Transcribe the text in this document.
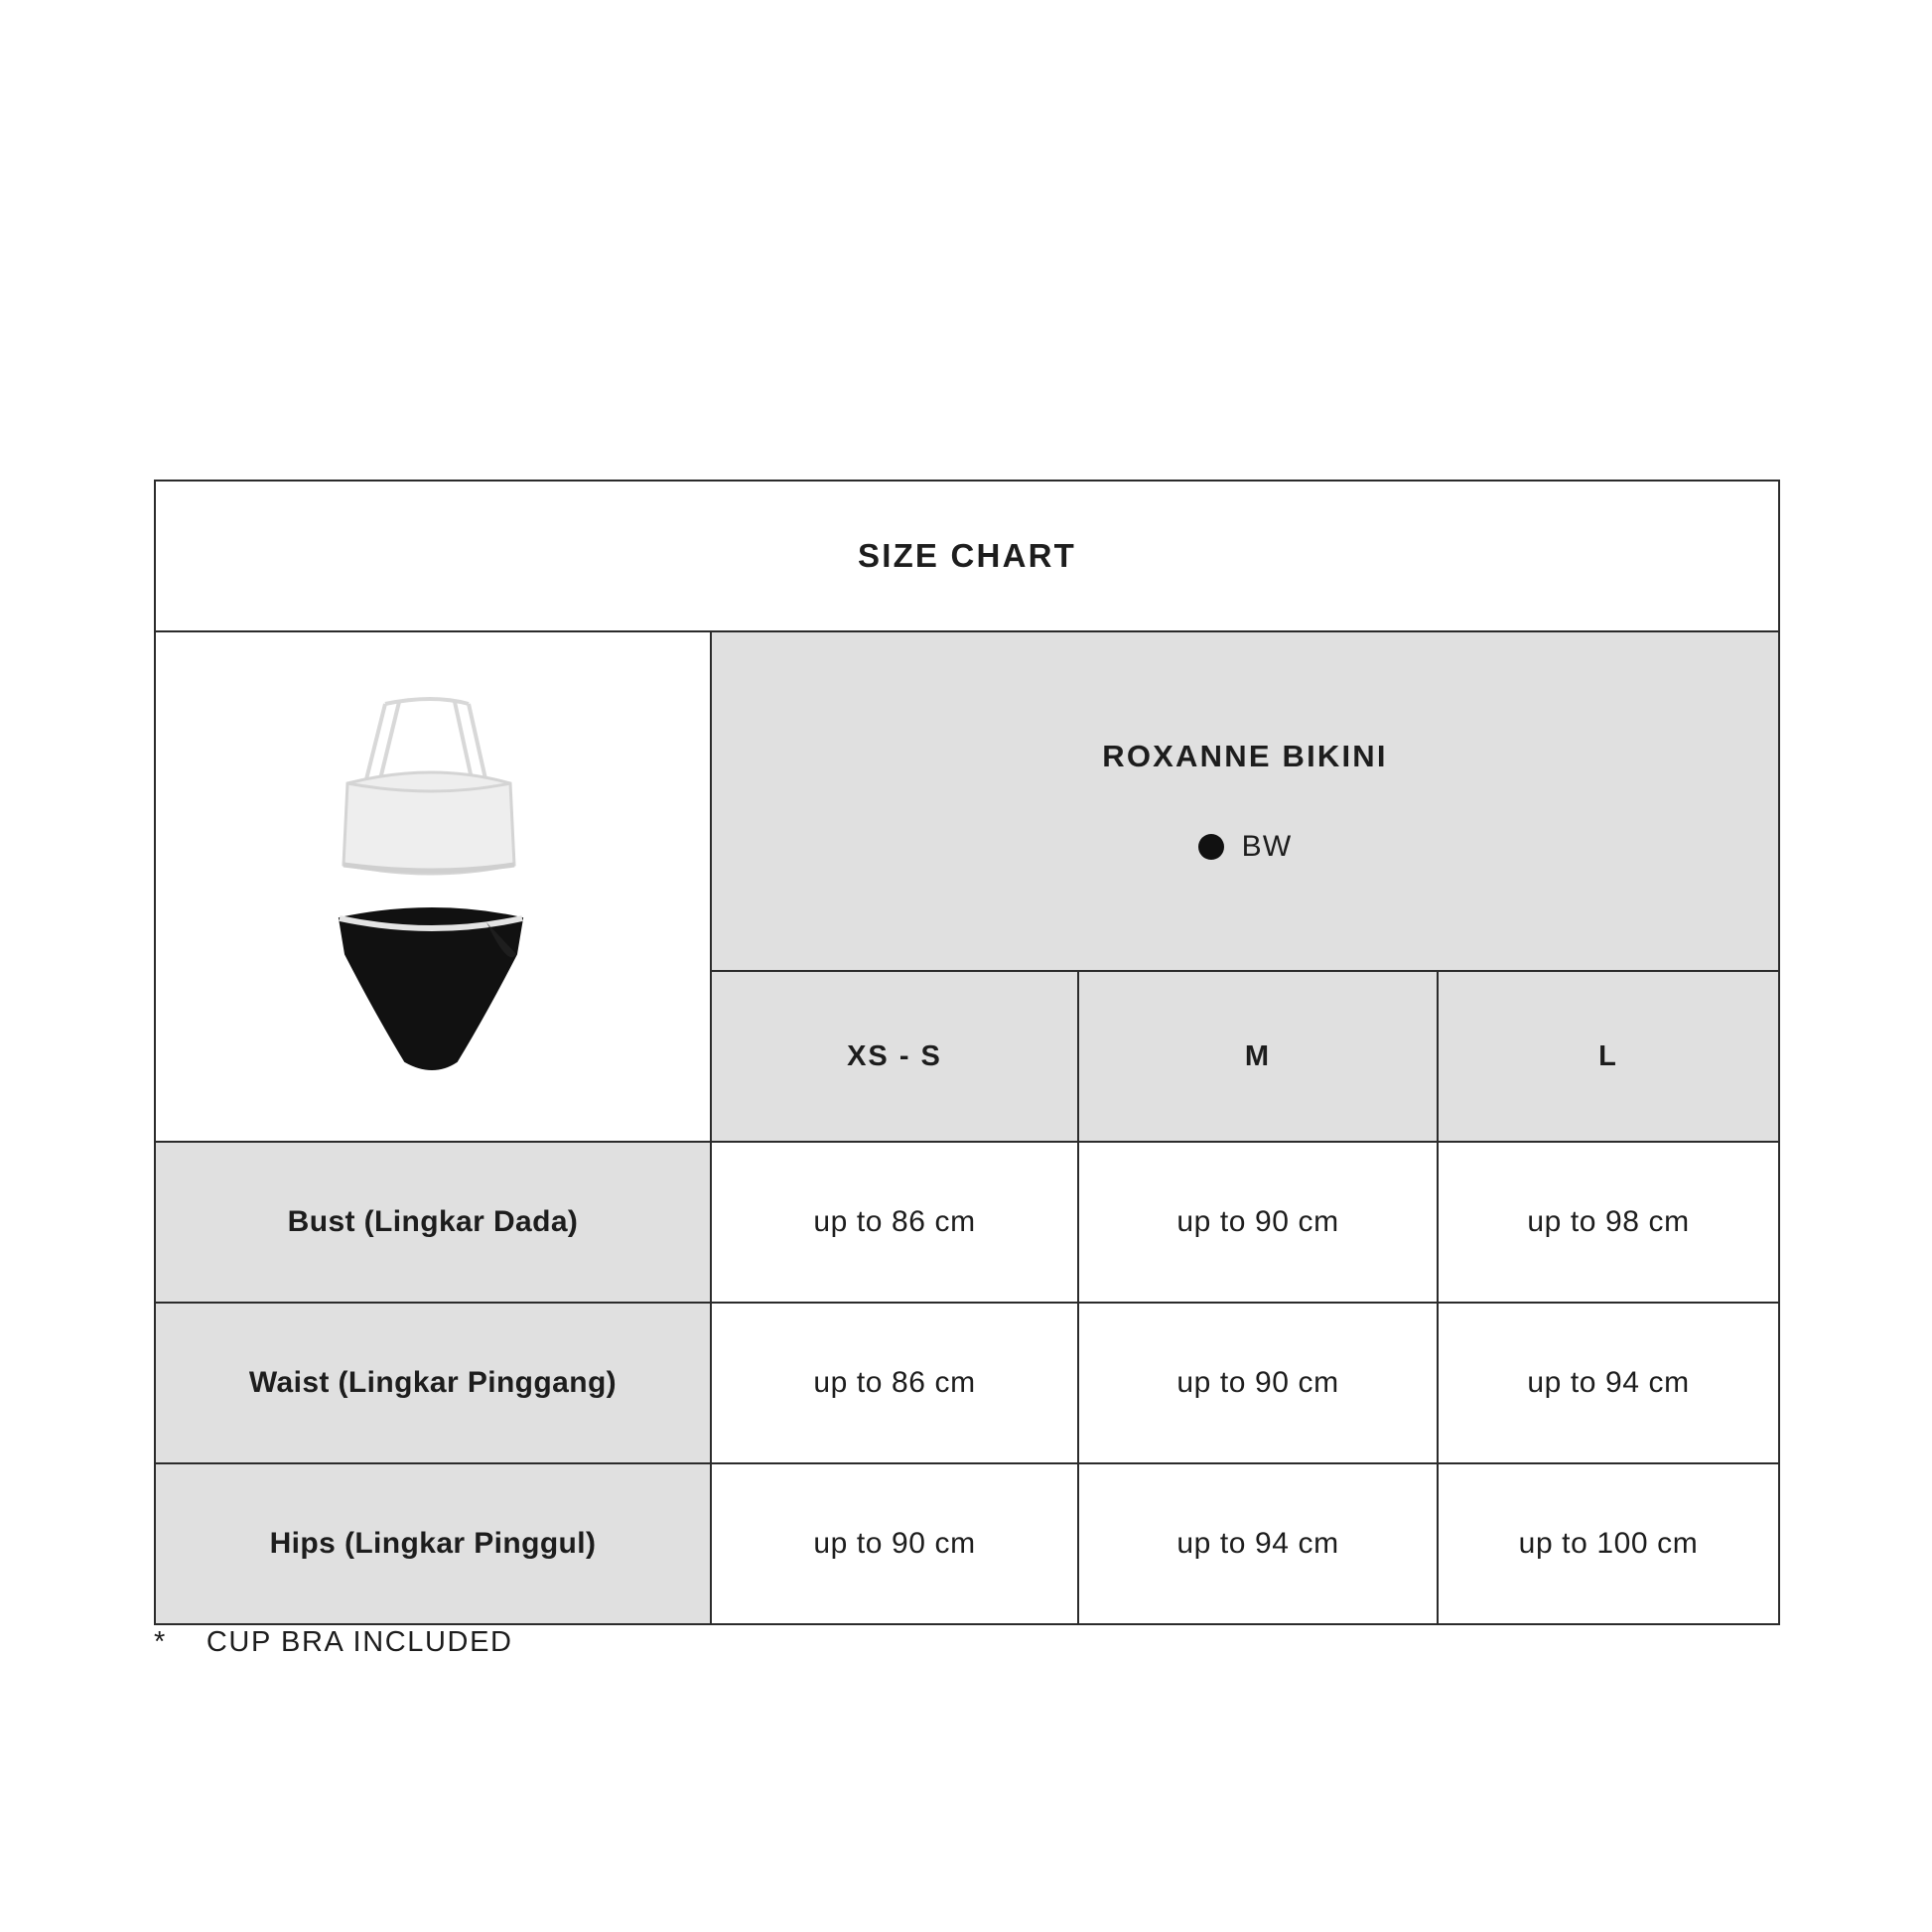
SIZE CHART			

ROXANNE BIKINI
BW		

	XS - S	M	L
Bust (Lingkar Dada)	up to 86 cm	up to 90 cm	up to 98 cm
Waist (Lingkar Pinggang)	up to 86 cm	up to 90 cm	up to 94 cm
Hips (Lingkar Pinggul)	up to 90 cm	up to 94 cm	up to 100 cm
* CUP BRA INCLUDED
